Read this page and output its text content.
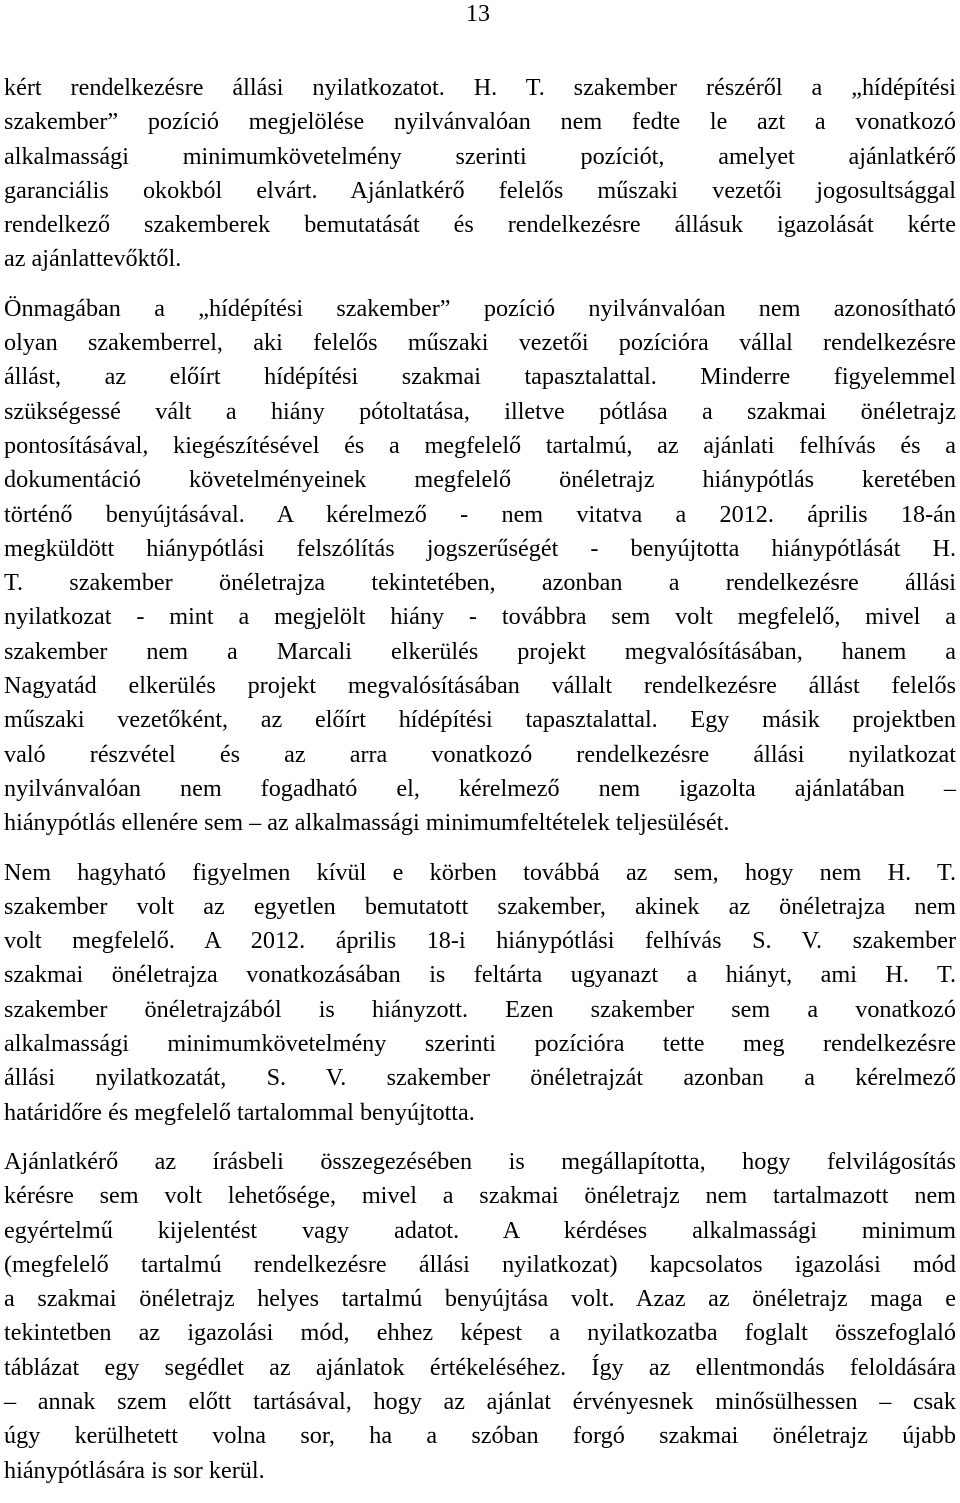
13
kért rendelkezésre állási nyilatkozatot. H. T. szakember részéről a „hídépítési
szakember” pozíció megjelölése nyilvánvalóan nem fedte le azt a vonatkozó
alkalmassági minimumkövetelmény szerinti pozíciót, amelyet ajánlatkérő
garanciális okokból elvárt. Ajánlatkérő felelős műszaki vezetői jogosultsággal
rendelkező szakemberek bemutatását és rendelkezésre állásuk igazolását kérte
az ajánlattevőktől.
Önmagában a „hídépítési szakember” pozíció nyilvánvalóan nem azonosítható
olyan szakemberrel, aki felelős műszaki vezetői pozícióra vállal rendelkezésre
állást, az előírt hídépítési szakmai tapasztalattal. Minderre figyelemmel
szükségessé vált a hiány pótoltatása, illetve pótlása a szakmai önéletrajz
pontosításával, kiegészítésével és a megfelelő tartalmú, az ajánlati felhívás és a
dokumentáció követelményeinek megfelelő önéletrajz hiánypótlás keretében
történő benyújtásával. A kérelmező - nem vitatva a 2012. április 18-án
megküldött hiánypótlási felszólítás jogszerűségét - benyújtotta hiánypótlását H.
T. szakember önéletrajza tekintetében, azonban a rendelkezésre állási
nyilatkozat - mint a megjelölt hiány - továbbra sem volt megfelelő, mivel a
szakember nem a Marcali elkerülés projekt megvalósításában, hanem a
Nagyatád elkerülés projekt megvalósításában vállalt rendelkezésre állást felelős
műszaki vezetőként, az előírt hídépítési tapasztalattal. Egy másik projektben
való részvétel és az arra vonatkozó rendelkezésre állási nyilatkozat
nyilvánvalóan nem fogadható el, kérelmező nem igazolta ajánlatában –
hiánypótlás ellenére sem – az alkalmassági minimumfeltételek teljesülését.
Nem hagyható figyelmen kívül e körben továbbá az sem, hogy nem H. T.
szakember volt az egyetlen bemutatott szakember, akinek az önéletrajza nem
volt megfelelő. A 2012. április 18-i hiánypótlási felhívás S. V. szakember
szakmai önéletrajza vonatkozásában is feltárta ugyanazt a hiányt, ami H. T.
szakember önéletrajzából is hiányzott. Ezen szakember sem a vonatkozó
alkalmassági minimumkövetelmény szerinti pozícióra tette meg rendelkezésre
állási nyilatkozatát, S. V. szakember önéletrajzát azonban a kérelmező
határidőre és megfelelő tartalommal benyújtotta.
Ajánlatkérő az írásbeli összegezésében is megállapította, hogy felvilágosítás
kérésre sem volt lehetősége, mivel a szakmai önéletrajz nem tartalmazott nem
egyértelmű kijelentést vagy adatot. A kérdéses alkalmassági minimum
(megfelelő tartalmú rendelkezésre állási nyilatkozat) kapcsolatos igazolási mód
a szakmai önéletrajz helyes tartalmú benyújtása volt. Azaz az önéletrajz maga e
tekintetben az igazolási mód, ehhez képest a nyilatkozatba foglalt összefoglaló
táblázat egy segédlet az ajánlatok értékeléséhez. Így az ellentmondás feloldására
– annak szem előtt tartásával, hogy az ajánlat érvényesnek minősülhessen – csak
úgy kerülhetett volna sor, ha a szóban forgó szakmai önéletrajz újabb
hiánypótlására is sor kerül.
